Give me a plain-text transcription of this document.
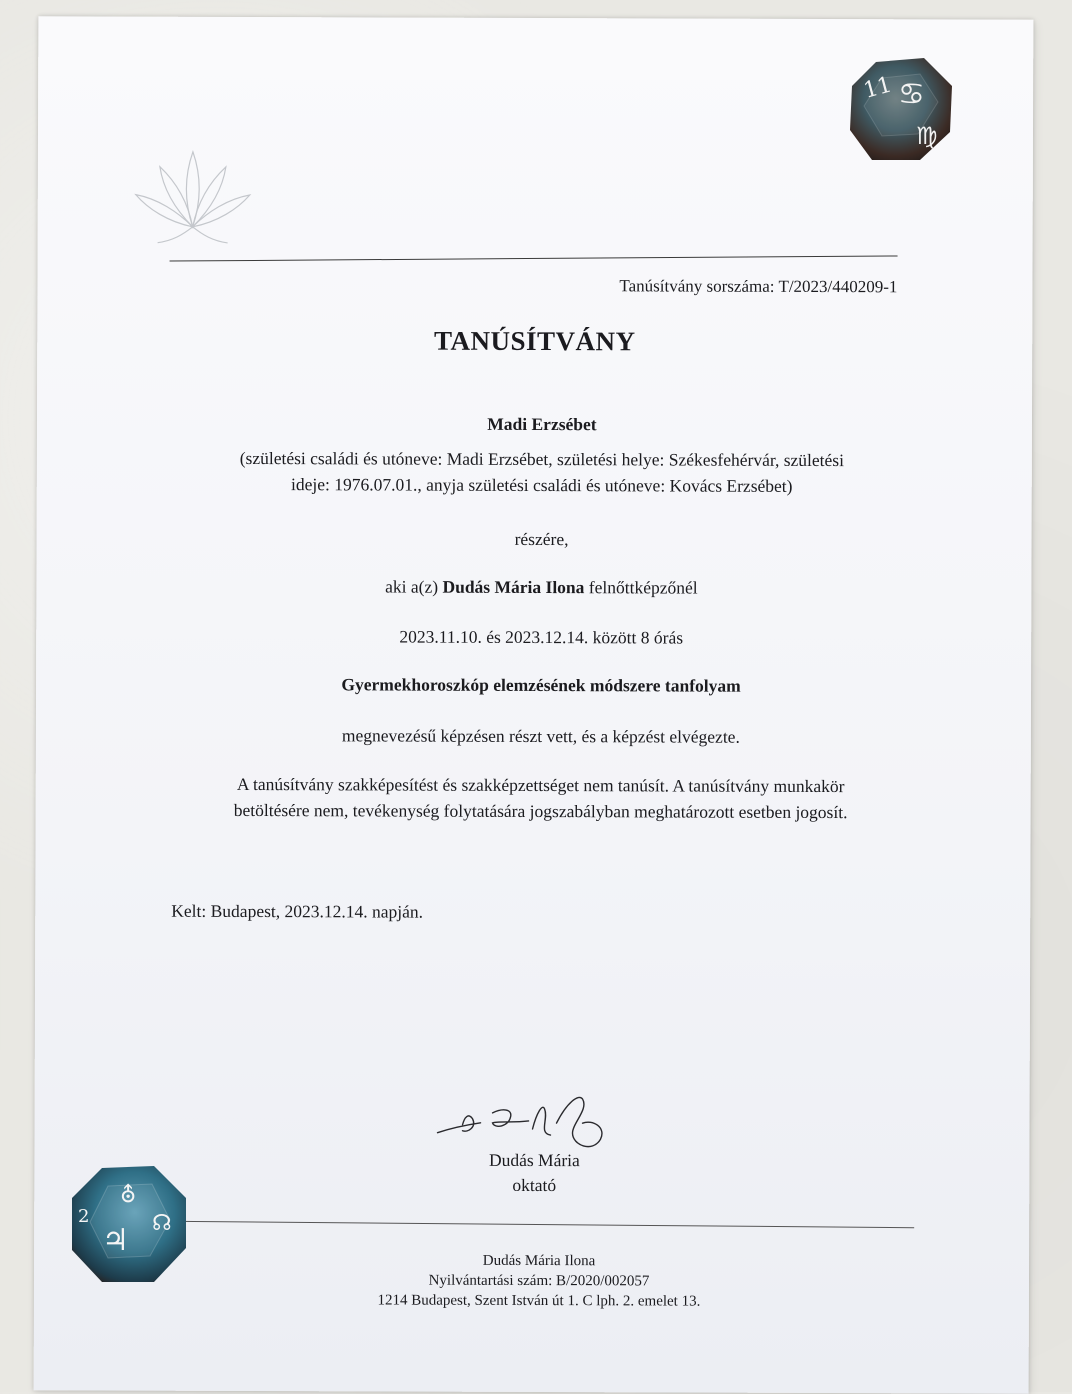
Tanúsítvány sorszáma: T/2023/440209-1
TANÚSÍTVÁNY
Madi Erzsébet
(születési családi és utóneve: Madi Erzsébet, születési helye: Székesfehérvár, születési
ideje: 1976.07.01., anyja születési családi és utóneve: Kovács Erzsébet)
részére,
aki a(z) Dudás Mária Ilona felnőttképzőnél
2023.11.10. és 2023.12.14. között 8 órás
Gyermekhoroszkóp elemzésének módszere tanfolyam
megnevezésű képzésen részt vett, és a képzést elvégezte.
A tanúsítvány szakképesítést és szakképzettséget nem tanúsít. A tanúsítvány munkakör
betöltésére nem, tevékenység folytatására jogszabályban meghatározott esetben jogosít.
Kelt: Budapest, 2023.12.14. napján.
Dudás Mária
oktató
Dudás Mária Ilona
Nyilvántartási szám: B/2020/002057
1214 Budapest, Szent István út 1. C lph. 2. emelet 13.
11 ♋
♍
⛢
♃ ☊
2
